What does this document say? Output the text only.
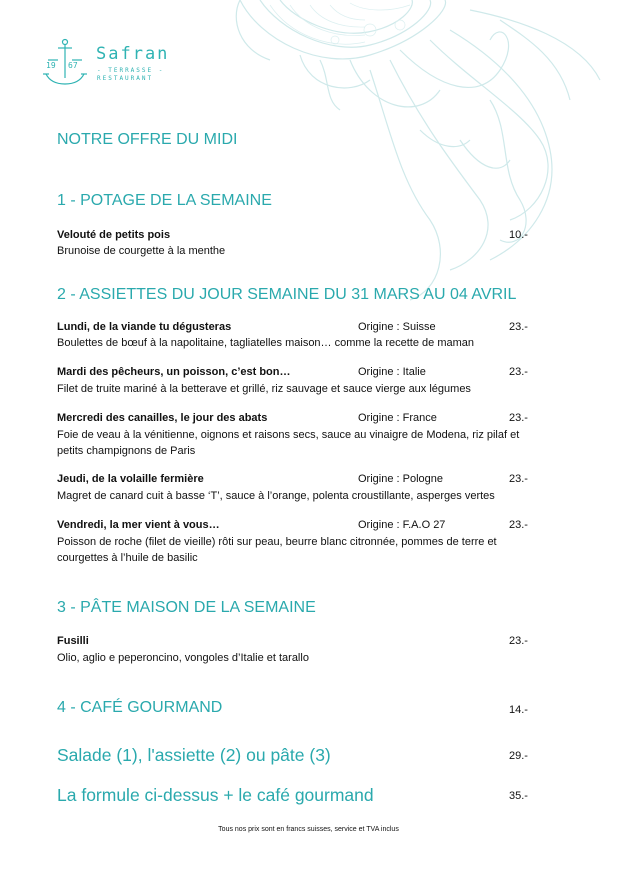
19 67
Safran
- TERRASSE -
RESTAURANT
NOTRE OFFRE DU MIDI
1 - POTAGE DE LA SEMAINE
Velouté de petits pois	10.-
Brunoise de courgette à la menthe
2 - ASSIETTES DU JOUR SEMAINE DU 31 MARS AU 04 AVRIL
Lundi, de la viande tu dégusteras	Origine : Suisse	23.-
Boulettes de bœuf à la napolitaine, tagliatelles maison… comme la recette de maman
Mardi des pêcheurs, un poisson, c’est bon…	Origine : Italie	23.-
Filet de truite mariné à la betterave et grillé, riz sauvage et sauce vierge aux légumes
Mercredi des canailles, le jour des abats	Origine : France	23.-
Foie de veau à la vénitienne, oignons et raisons secs, sauce au vinaigre de Modena, riz pilaf et petits champignons de Paris
Jeudi, de la volaille fermière	Origine : Pologne	23.-
Magret de canard cuit à basse ‘T’, sauce à l’orange, polenta croustillante, asperges vertes
Vendredi, la mer vient à vous…	Origine : F.A.O 27	23.-
Poisson de roche (filet de vieille) rôti sur peau, beurre blanc citronnée, pommes de terre et courgettes à l’huile de basilic
3 - PÂTE MAISON DE LA SEMAINE
Fusilli	23.-
Olio, aglio e peperoncino, vongoles d’Italie et tarallo
4 - CAFÉ GOURMAND	14.-
Salade (1), l'assiette (2) ou pâte (3)	29.-
La formule ci-dessus + le café gourmand	35.-
Tous nos prix sont en francs suisses, service et TVA inclus
